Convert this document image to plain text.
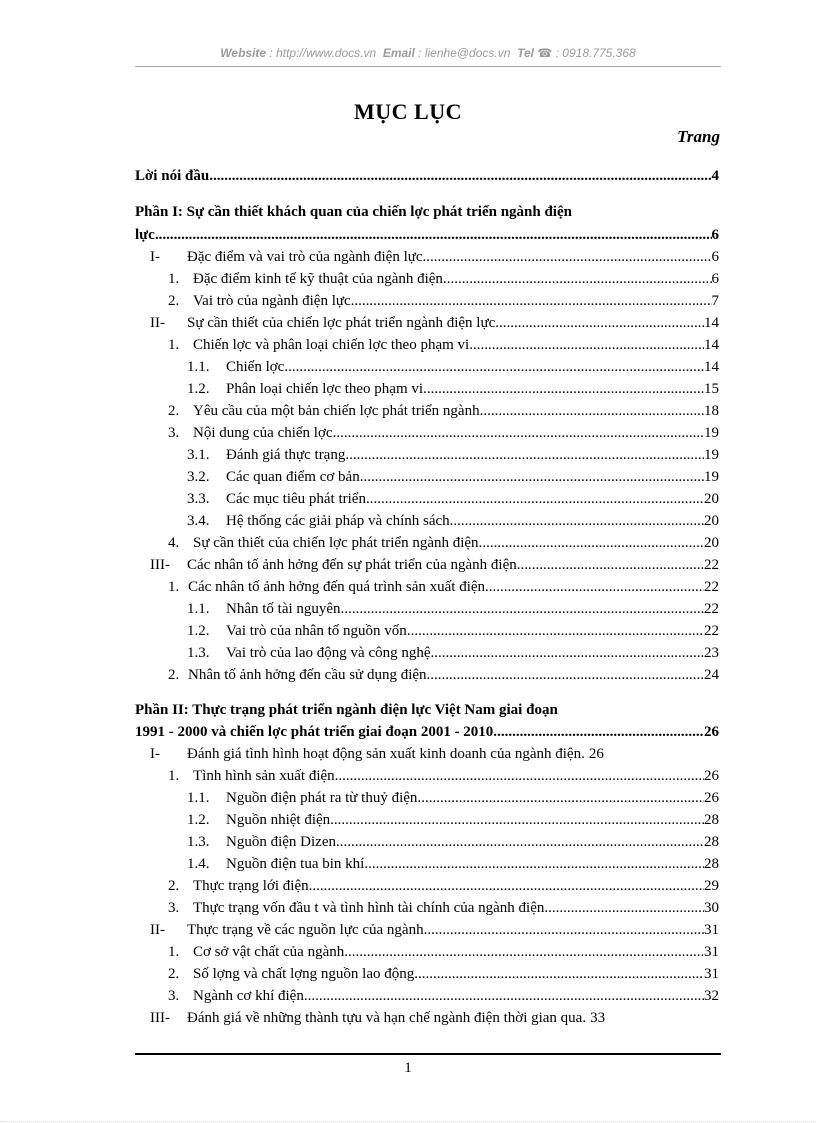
Website : http://www.docs.vn Email : lienhe@docs.vn Tel ☎ : 0918.775.368
MỤC LỤC
Trang
Lời nói đầu .....	4
Phần I: Sự cần thiết khách quan của chiến lợc phát triển ngành điện
lực .....	6
I-	Đặc điểm và vai trò của ngành điện lực. .....	6
1. Đặc điểm kinh tế kỹ thuật của ngành điện. .....	6
2. Vai trò của ngành điện lực. .....	7
II-	Sự cần thiết của chiến lợc phát triển ngành điện lực .....	14
1. Chiến lợc và phân loại chiến lợc theo phạm vi. .....	14
1.1.	Chiến lợc. .....	14
1.2.	Phân loại chiến lợc theo phạm vi. .....	15
2. Yêu cầu của một bản chiến lợc phát triển ngành. .....	18
3. Nội dung của chiến lợc .....	19
3.1.	Đánh giá thực trạng. .....	19
3.2.	Các quan điểm cơ bản. .....	19
3.3.	Các mục tiêu phát triển. .....	20
3.4.	Hệ thống các giải pháp và chính sách. .....	20
4. Sự cần thiết của chiến lợc phát triển ngành điện. .....	20
III-	Các nhân tố ảnh hởng đến sự phát triển của ngành điện .....	22
1. Các nhân tố ảnh hởng đến quá trình sản xuất điện .....	22
1.1.	Nhân tố tài nguyên. .....	22
1.2.	Vai trò của nhân tố nguồn vốn .....	22
1.3.	Vai trò của lao động và công nghệ .....	23
2. Nhân tố ảnh hởng đến cầu sử dụng điện .....	24
Phần II: Thực trạng phát triển ngành điện lực Việt Nam giai đoạn
1991 - 2000 và chiến lợc phát triển giai đoạn 2001 - 2010. .....	26
I-	Đánh giá tình hình hoạt động sản xuất kinh doanh của ngành điện. 26
1. Tình hình sản xuất điện. .....	26
1.1.	Nguồn điện phát ra từ thuỷ điện. .....	26
1.2.	Nguồn nhiệt điện. .....	28
1.3.	Nguồn điện Dizen. .....	28
1.4.	Nguồn điện tua bin khí. .....	28
2. Thực trạng lới điện. .....	29
3. Thực trạng vốn đầu t và tình hình tài chính của ngành điện. .....	30
II-	Thực trạng về các nguồn lực của ngành. .....	31
1. Cơ sở vật chất của ngành. .....	31
2. Số lợng và chất lợng nguồn lao động. .....	31
3. Ngành cơ khí điện. .....	32
III-	Đánh giá về những thành tựu và hạn chế ngành điện thời gian qua. 33
1
